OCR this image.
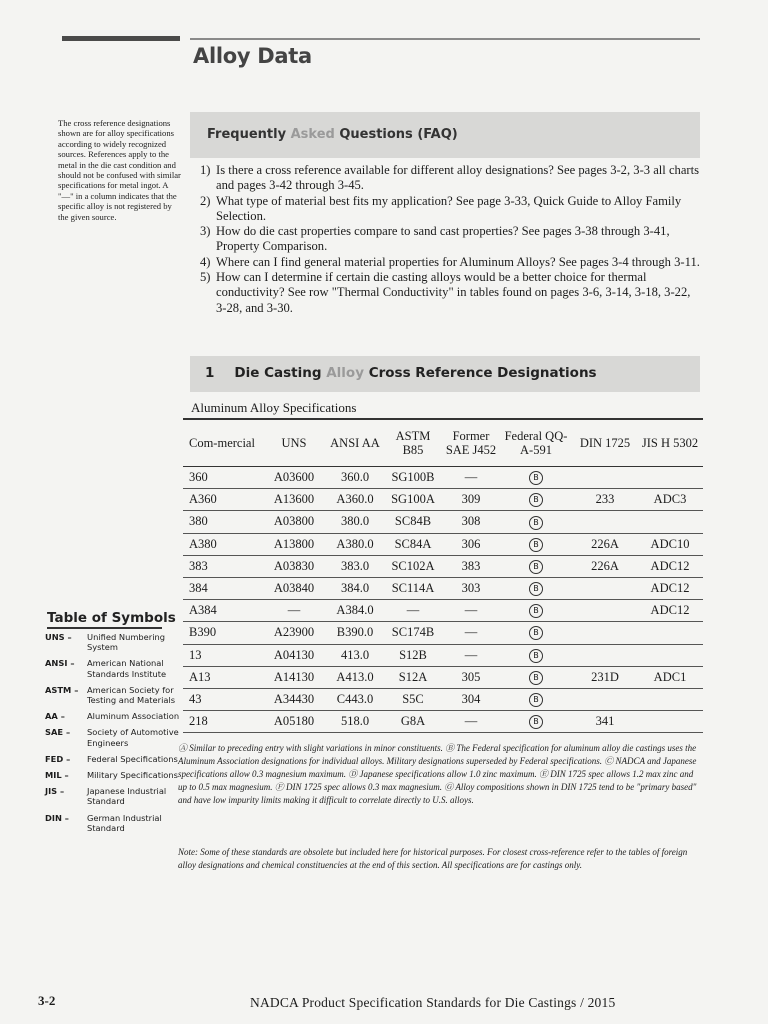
Alloy Data
The cross reference designations shown are for alloy specifications according to widely recognized sources. References apply to the metal in the die cast condition and should not be confused with similar specifications for metal ingot. A "—" in a column indicates that the specific alloy is not registered by the given source.
Frequently Asked Questions (FAQ)
1) Is there a cross reference available for different alloy designations? See pages 3-2, 3-3 all charts and pages 3-42 through 3-45.
2) What type of material best fits my application? See page 3-33, Quick Guide to Alloy Family Selection.
3) How do die cast properties compare to sand cast properties? See pages 3-38 through 3-41, Property Comparison.
4) Where can I find general material properties for Aluminum Alloys? See pages 3-4 through 3-11.
5) How can I determine if certain die casting alloys would be a better choice for thermal conductivity? See row "Thermal Conductivity" in tables found on pages 3-6, 3-14, 3-18, 3-22, 3-28, and 3-30.
1 Die Casting Alloy Cross Reference Designations
Aluminum Alloy Specifications
Com-mercial	UNS	ANSI AA	ASTM B85	Former SAE J452	Federal QQ-A-591	DIN 1725	JIS H 5302
360	A03600	360.0	SG100B	—	B		
A360	A13600	A360.0	SG100A	309	B	233	ADC3
380	A03800	380.0	SC84B	308	B		
A380	A13800	A380.0	SC84A	306	B	226A	ADC10
383	A03830	383.0	SC102A	383	B	226A	ADC12
384	A03840	384.0	SC114A	303	B		ADC12
A384	—	A384.0	—	—	B		ADC12
B390	A23900	B390.0	SC174B	—	B		
13	A04130	413.0	S12B	—	B		
A13	A14130	A413.0	S12A	305	B	231D	ADC1
43	A34430	C443.0	S5C	304	B		
218	A05180	518.0	G8A	—	B	341	
Ⓐ Similar to preceding entry with slight variations in minor constituents. Ⓑ The Federal specification for aluminum alloy die castings uses the Aluminum Association designations for individual alloys. Military designations superseded by Federal specifications. Ⓒ NADCA and Japanese specifications allow 0.3 magnesium maximum. Ⓓ Japanese specifications allow 1.0 zinc maximum. Ⓔ DIN 1725 spec allows 1.2 max zinc and up to 0.5 max magnesium. Ⓕ DIN 1725 spec allows 0.3 max magnesium. Ⓖ Alloy compositions shown in DIN 1725 tend to be "primary based" and have low impurity limits making it difficult to correlate directly to U.S. alloys.
Note: Some of these standards are obsolete but included here for historical purposes. For closest cross-reference refer to the tables of foreign alloy designations and chemical constituencies at the end of this section. All specifications are for castings only.
Table of Symbols
UNS –	Unified Numbering System
ANSI –	American National Standards Institute
ASTM –	American Society for Testing and Materials
AA –	Aluminum Association
SAE –	Society of Automotive Engineers
FED –	Federal Specifications
MIL –	Military Specifications
JIS –	Japanese Industrial Standard
DIN –	German Industrial Standard
3-2	NADCA Product Specification Standards for Die Castings / 2015
